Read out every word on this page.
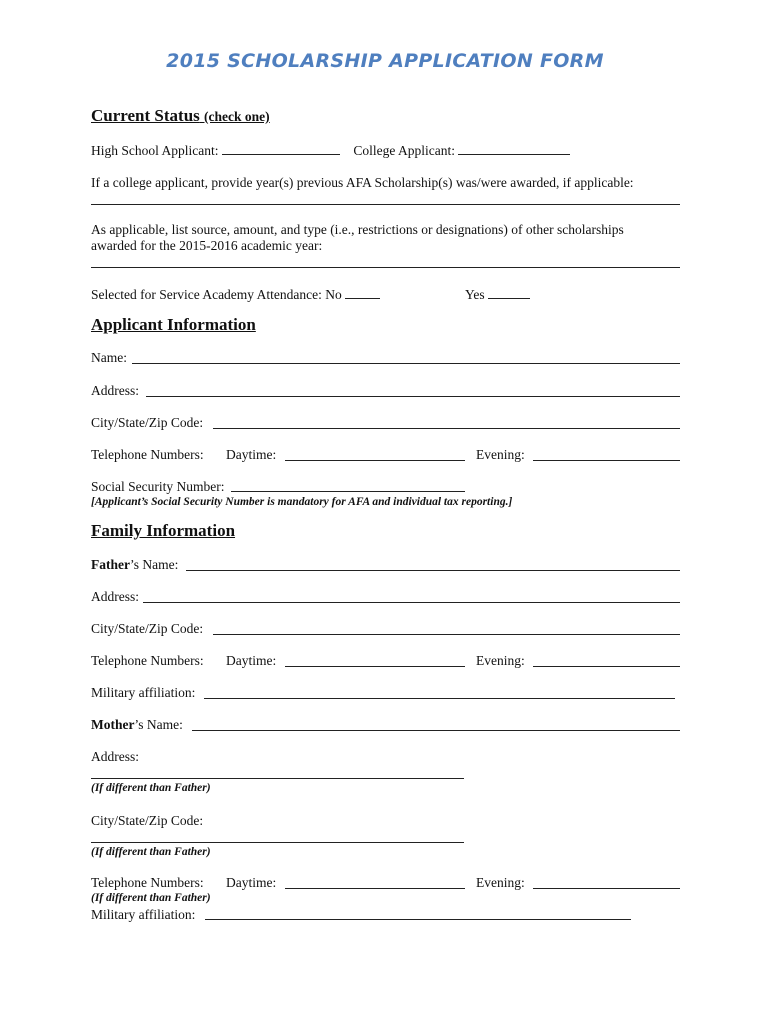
2015 SCHOLARSHIP APPLICATION FORM
Current Status (check one)
High School Applicant:	College Applicant:
If a college applicant, provide year(s) previous AFA Scholarship(s) was/were awarded, if applicable:
As applicable, list source, amount, and type (i.e., restrictions or designations) of other scholarships
awarded for the 2015-2016 academic year:
Selected for Service Academy Attendance: No	Yes
Applicant Information
Name:
Address:
City/State/Zip Code:
Telephone Numbers: Daytime:	Evening:
Social Security Number:
[Applicant’s Social Security Number is mandatory for AFA and individual tax reporting.]
Family Information
Father’s Name:
Address:
City/State/Zip Code:
Telephone Numbers: Daytime:	Evening:
Military affiliation:
Mother’s Name:
Address:
(If different than Father)
City/State/Zip Code:
(If different than Father)
Telephone Numbers: Daytime:	Evening:
(If different than Father)
Military affiliation:
